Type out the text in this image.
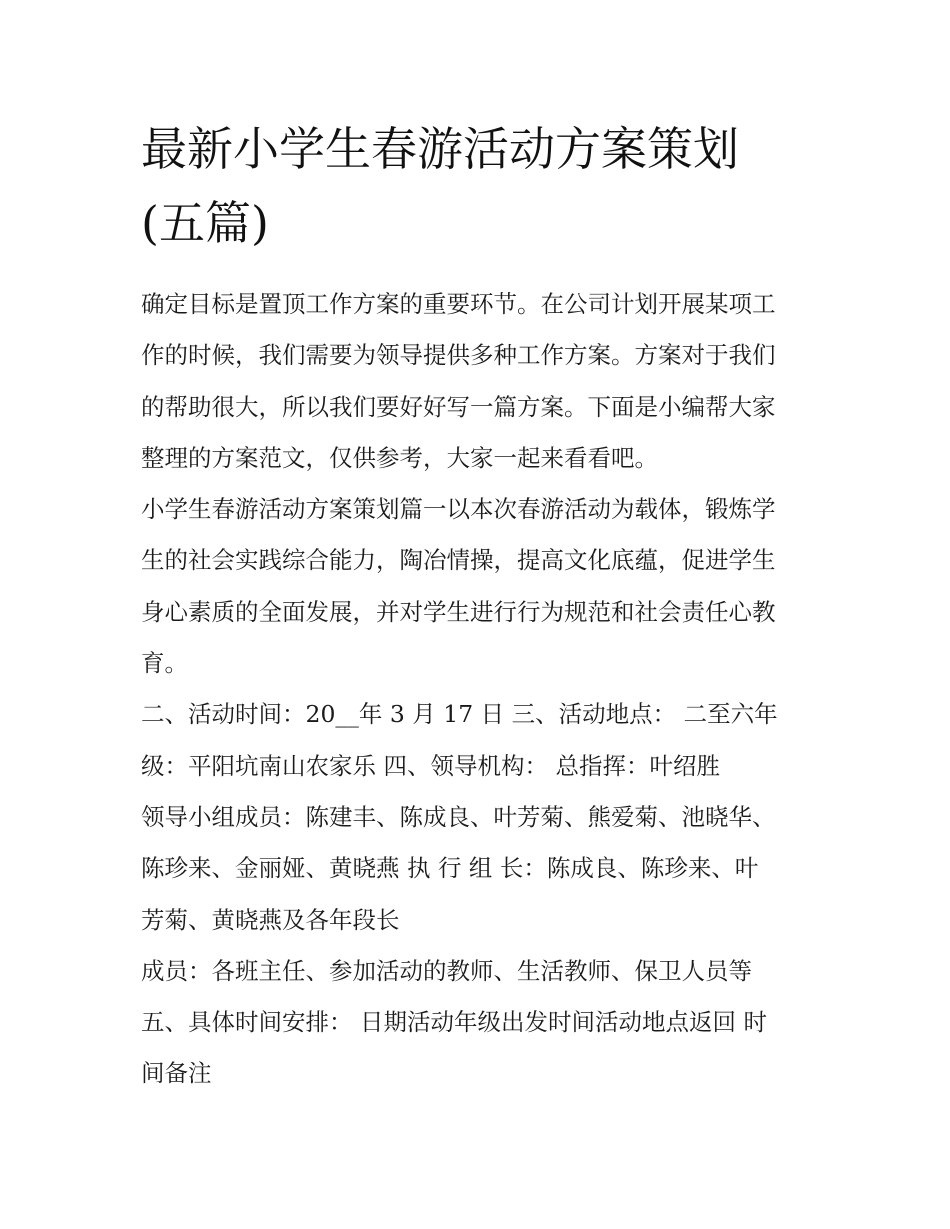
最新小学生春游活动方案策划
(五篇)

确定目标是置顶工作方案的重要环节。在公司计划开展某项工
作的时候，我们需要为领导提供多种工作方案。方案对于我们
的帮助很大，所以我们要好好写一篇方案。下面是小编帮大家
整理的方案范文，仅供参考，大家一起来看看吧。

小学生春游活动方案策划篇一以本次春游活动为载体，锻炼学
生的社会实践综合能力，陶冶情操，提高文化底蕴，促进学生
身心素质的全面发展，并对学生进行行为规范和社会责任心教
育。

二、活动时间：20__年 3 月 17 日 三、活动地点： 二至六年
级：平阳坑南山农家乐 四、领导机构： 总指挥：叶绍胜

领导小组成员：陈建丰、陈成良、叶芳菊、熊爱菊、池晓华、
陈珍来、金丽娅、黄晓燕 执 行 组 长：陈成良、陈珍来、叶
芳菊、黄晓燕及各年段长

成员：各班主任、参加活动的教师、生活教师、保卫人员等

五、具体时间安排： 日期活动年级出发时间活动地点返回 时
间备注
